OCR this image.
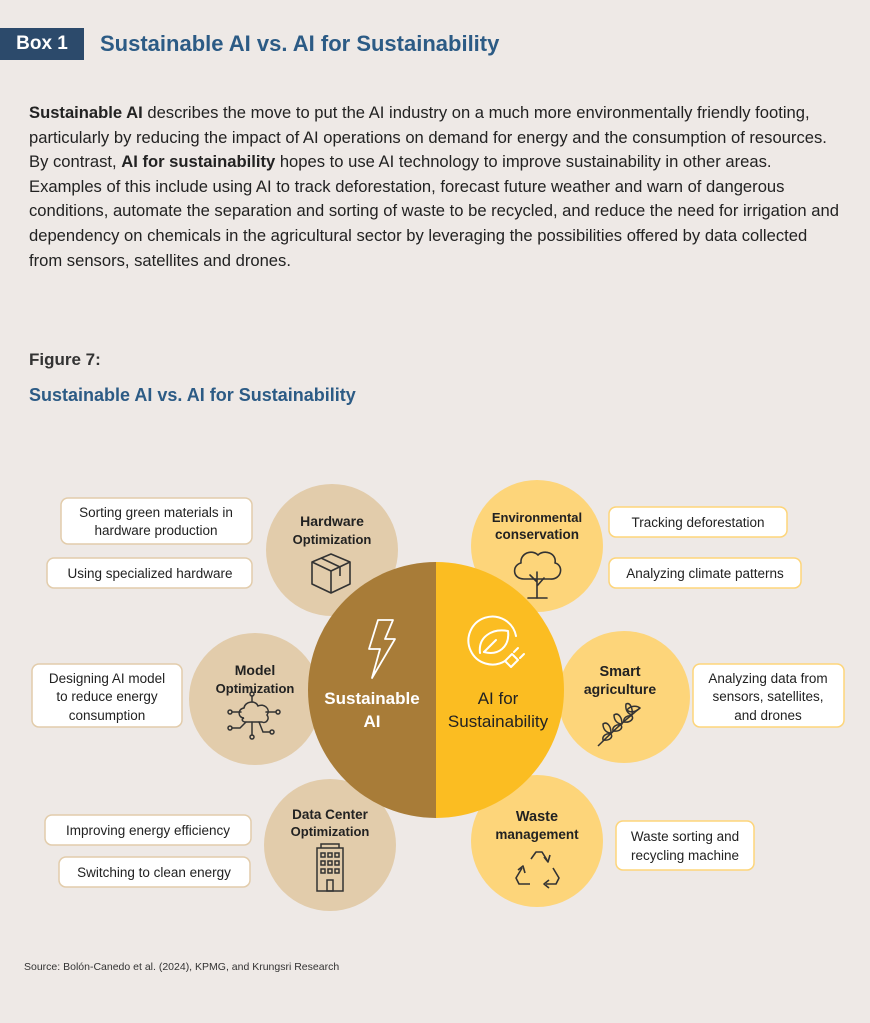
Box 1	Sustainable AI vs. AI for Sustainability
Sustainable AI describes the move to put the AI industry on a much more environmentally friendly footing, particularly by reducing the impact of AI operations on demand for energy and the consumption of resources. By contrast, AI for sustainability hopes to use AI technology to improve sustainability in other areas. Examples of this include using AI to track deforestation, forecast future weather and warn of dangerous conditions, automate the separation and sorting of waste to be recycled, and reduce the need for irrigation and dependency on chemicals in the agricultural sector by leveraging the possibilities offered by data collected from sensors, satellites and drones.
Figure 7:
Sustainable AI vs. AI for Sustainability
Hardware
Optimization
Model
Optimization
Data Center
Optimization
Environmental
conservation
Smart
agriculture
Waste
management
Sustainable
AI
AI for
Sustainability
Sorting green materials in
hardware production
Using specialized hardware
Designing AI model
to reduce energy
consumption
Improving energy efficiency
Switching to clean energy
Tracking deforestation
Analyzing climate patterns
Analyzing data from
sensors, satellites,
and drones
Waste sorting and
recycling machine
Source: Bolón-Canedo et al. (2024), KPMG, and Krungsri Research
